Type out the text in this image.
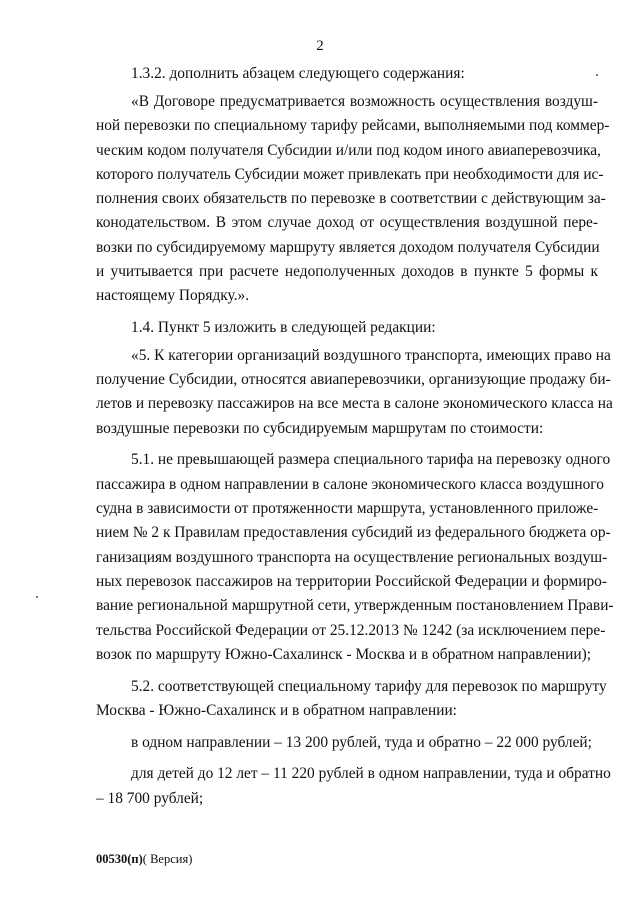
2
1.3.2. дополнить абзацем следующего содержания:
«В Договоре предусматривается возможность осуществления воздуш-
ной перевозки по специальному тарифу рейсами, выполняемыми под коммер-
ческим кодом получателя Субсидии и/или под кодом иного авиаперевозчика,
которого получатель Субсидии может привлекать при необходимости для ис-
полнения своих обязательств по перевозке в соответствии с действующим за-
конодательством. В этом случае доход от осуществления воздушной пере-
возки по субсидируемому маршруту является доходом получателя Субсидии
и учитывается при расчете недополученных доходов в пункте 5 формы к
настоящему Порядку.».
1.4. Пункт 5 изложить в следующей редакции:
«5. К категории организаций воздушного транспорта, имеющих право на
получение Субсидии, относятся авиаперевозчики, организующие продажу би-
летов и перевозку пассажиров на все места в салоне экономического класса на
воздушные перевозки по субсидируемым маршрутам по стоимости:
5.1. не превышающей размера специального тарифа на перевозку одного
пассажира в одном направлении в салоне экономического класса воздушного
судна в зависимости от протяженности маршрута, установленного приложе-
нием № 2 к Правилам предоставления субсидий из федерального бюджета ор-
ганизациям воздушного транспорта на осуществление региональных воздуш-
ных перевозок пассажиров на территории Российской Федерации и формиро-
вание региональной маршрутной сети, утвержденным постановлением Прави-
тельства Российской Федерации от 25.12.2013 № 1242 (за исключением пере-
возок по маршруту Южно-Сахалинск - Москва и в обратном направлении);
5.2. соответствующей специальному тарифу для перевозок по маршруту
Москва - Южно-Сахалинск и в обратном направлении:
в одном направлении – 13 200 рублей, туда и обратно – 22 000 рублей;
для детей до 12 лет – 11 220 рублей в одном направлении, туда и обратно
– 18 700 рублей;
00530(п)( Версия)
